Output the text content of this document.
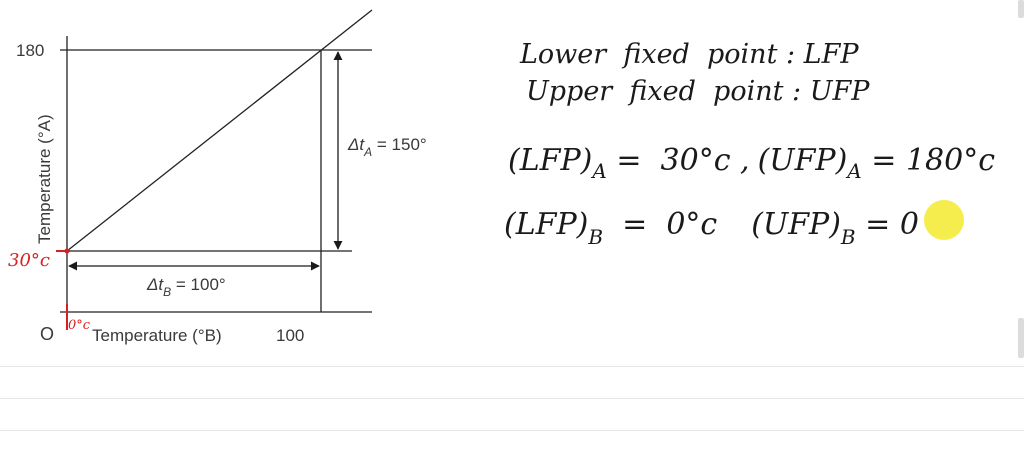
180
Temperature (°A)	$\Delta t_A = 150^\circ$
$\Delta t_B = 100^\circ$
O Temperature (°B)	100
30°c
0°c
Lower  fixed  point : LFP
Upper  fixed  point : UFP
$(LFP)_A = 30^\circ c$ , $(UFP)_A = 180^\circ c$
$(LFP)_B = 0^\circ c$ $(UFP)_B = 0$
